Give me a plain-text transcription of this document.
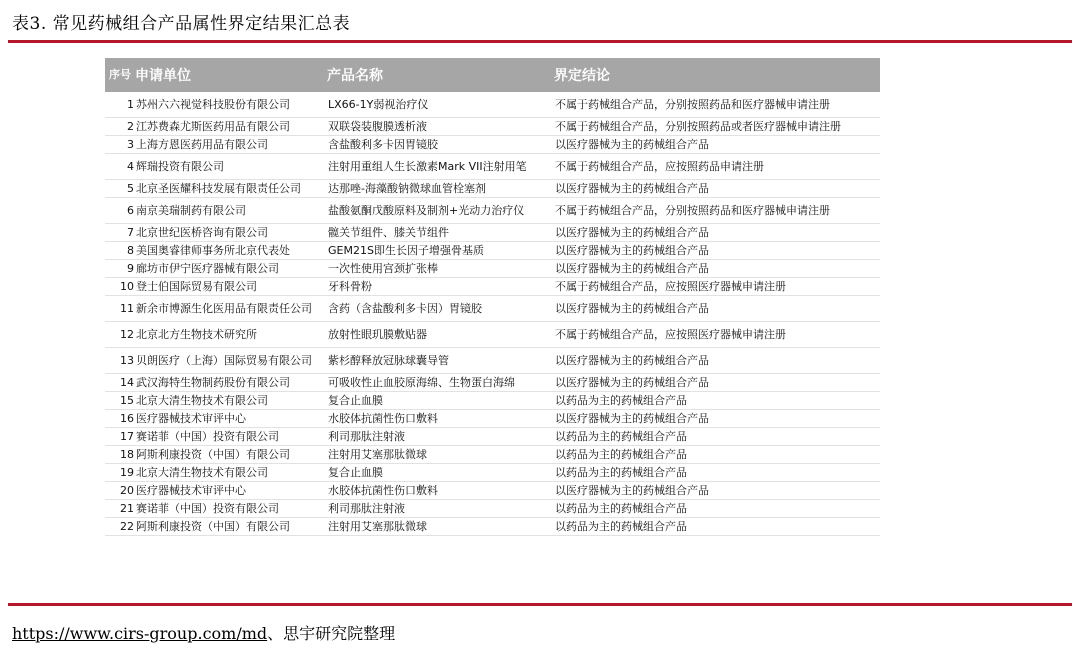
表3. 常见药械组合产品属性界定结果汇总表
序号	申请单位	产品名称	界定结论
1	苏州六六视觉科技股份有限公司	LX66-1Y弱视治疗仪	不属于药械组合产品，分别按照药品和医疗器械申请注册
2	江苏费森尤斯医药用品有限公司	双联袋装腹膜透析液	不属于药械组合产品，分别按照药品或者医疗器械申请注册
3	上海方恩医药用品有限公司	含盐酸利多卡因胃镜胶	以医疗器械为主的药械组合产品
4	辉瑞投资有限公司	注射用重组人生长激素Mark VII注射用笔	不属于药械组合产品，应按照药品申请注册
5	北京圣医耀科技发展有限责任公司	达那唑-海藻酸钠微球血管栓塞剂	以医疗器械为主的药械组合产品
6	南京美瑞制药有限公司	盐酸氨酮戊酸原料及制剂+光动力治疗仪	不属于药械组合产品，分别按照药品和医疗器械申请注册
7	北京世纪医桥咨询有限公司	髋关节组件、膝关节组件	以医疗器械为主的药械组合产品
8	美国奥睿律师事务所北京代表处	GEM21S即生长因子增强骨基质	以医疗器械为主的药械组合产品
9	廊坊市伊宁医疗器械有限公司	一次性使用宫颈扩张棒	以医疗器械为主的药械组合产品
10	登士伯国际贸易有限公司	牙科骨粉	不属于药械组合产品，应按照医疗器械申请注册
11	新余市博源生化医用品有限责任公司	含药（含盐酸利多卡因）胃镜胶	以医疗器械为主的药械组合产品
12	北京北方生物技术研究所	放射性眼玑膜敷贴器	不属于药械组合产品，应按照医疗器械申请注册
13	贝朗医疗（上海）国际贸易有限公司	紫杉醇释放冠脉球囊导管	以医疗器械为主的药械组合产品
14	武汉海特生物制药股份有限公司	可吸收性止血胶原海绵、生物蛋白海绵	以医疗器械为主的药械组合产品
15	北京大清生物技术有限公司	复合止血膜	以药品为主的药械组合产品
16	医疗器械技术审评中心	水胶体抗菌性伤口敷料	以医疗器械为主的药械组合产品
17	赛诺菲（中国）投资有限公司	利司那肽注射液	以药品为主的药械组合产品
18	阿斯利康投资（中国）有限公司	注射用艾塞那肽微球	以药品为主的药械组合产品
19	北京大清生物技术有限公司	复合止血膜	以药品为主的药械组合产品
20	医疗器械技术审评中心	水胶体抗菌性伤口敷料	以医疗器械为主的药械组合产品
21	赛诺菲（中国）投资有限公司	利司那肽注射液	以药品为主的药械组合产品
22	阿斯利康投资（中国）有限公司	注射用艾塞那肽微球	以药品为主的药械组合产品
https://www.cirs-group.com/md、思宇研究院整理
